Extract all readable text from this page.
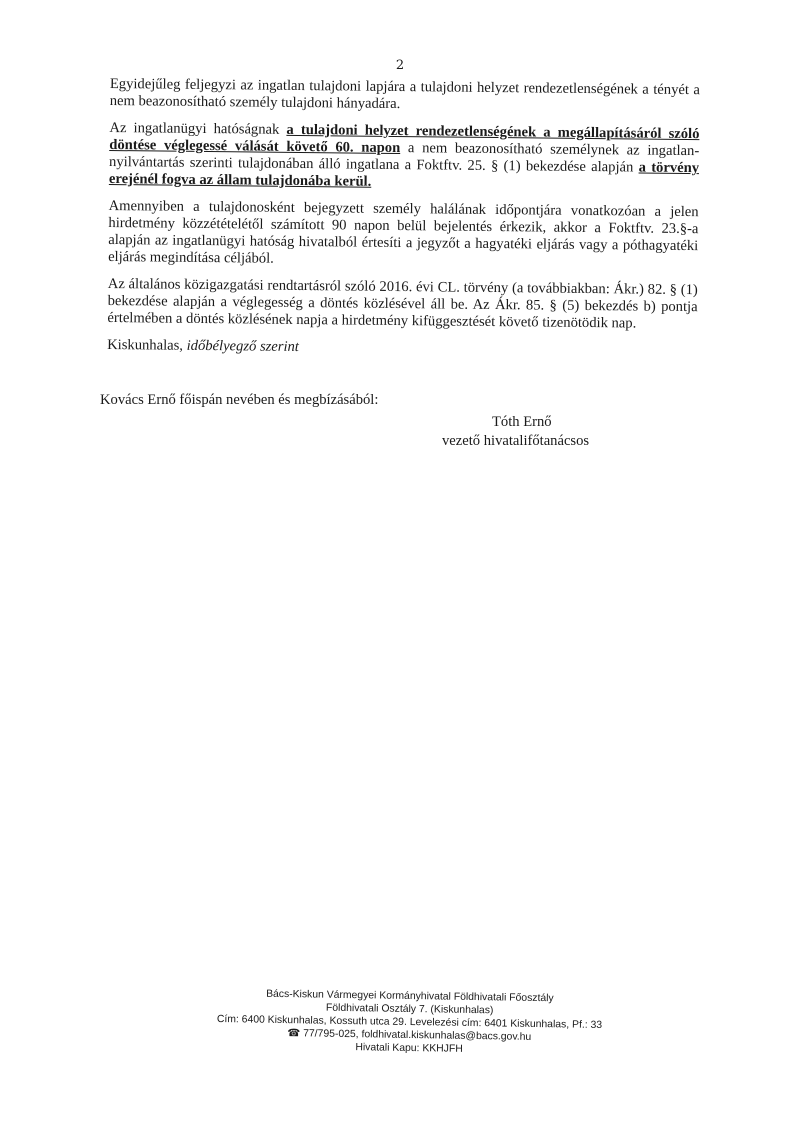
2

Egyidejűleg feljegyzi az ingatlan tulajdoni lapjára a tulajdoni helyzet rendezetlenségének a tényét a nem beazonosítható személy tulajdoni hányadára.

Az ingatlanügyi hatóságnak a tulajdoni helyzet rendezetlenségének a megállapításáról szóló döntése véglegessé válását követő 60. napon a nem beazonosítható személynek az ingatlan-nyilvántartás szerinti tulajdonában álló ingatlana a Foktftv. 25. § (1) bekezdése alapján a törvény erejénél fogva az állam tulajdonába kerül.

Amennyiben a tulajdonosként bejegyzett személy halálának időpontjára vonatkozóan a jelen hirdetmény közzétételétől számított 90 napon belül bejelentés érkezik, akkor a Foktftv. 23.§-a alapján az ingatlanügyi hatóság hivatalból értesíti a jegyzőt a hagyatéki eljárás vagy a póthagyatéki eljárás megindítása céljából.

Az általános közigazgatási rendtartásról szóló 2016. évi CL. törvény (a továbbiakban: Ákr.) 82. § (1) bekezdése alapján a véglegesség a döntés közlésével áll be. Az Ákr. 85. § (5) bekezdés b) pontja értelmében a döntés közlésének napja a hirdetmény kifüggesztését követő tizenötödik nap.

Kiskunhalas, időbélyegző szerint

Kovács Ernő főispán nevében és megbízásából:
Tóth Ernő
vezető hivatalifőtanácsos
Bács-Kiskun Vármegyei Kormányhivatal Földhivatali Főosztály
Földhivatali Osztály 7. (Kiskunhalas)
Cím: 6400 Kiskunhalas, Kossuth utca 29. Levelezési cím: 6401 Kiskunhalas, Pf.: 33
☎ 77/795-025, foldhivatal.kiskunhalas@bacs.gov.hu
Hivatali Kapu: KKHJFH
